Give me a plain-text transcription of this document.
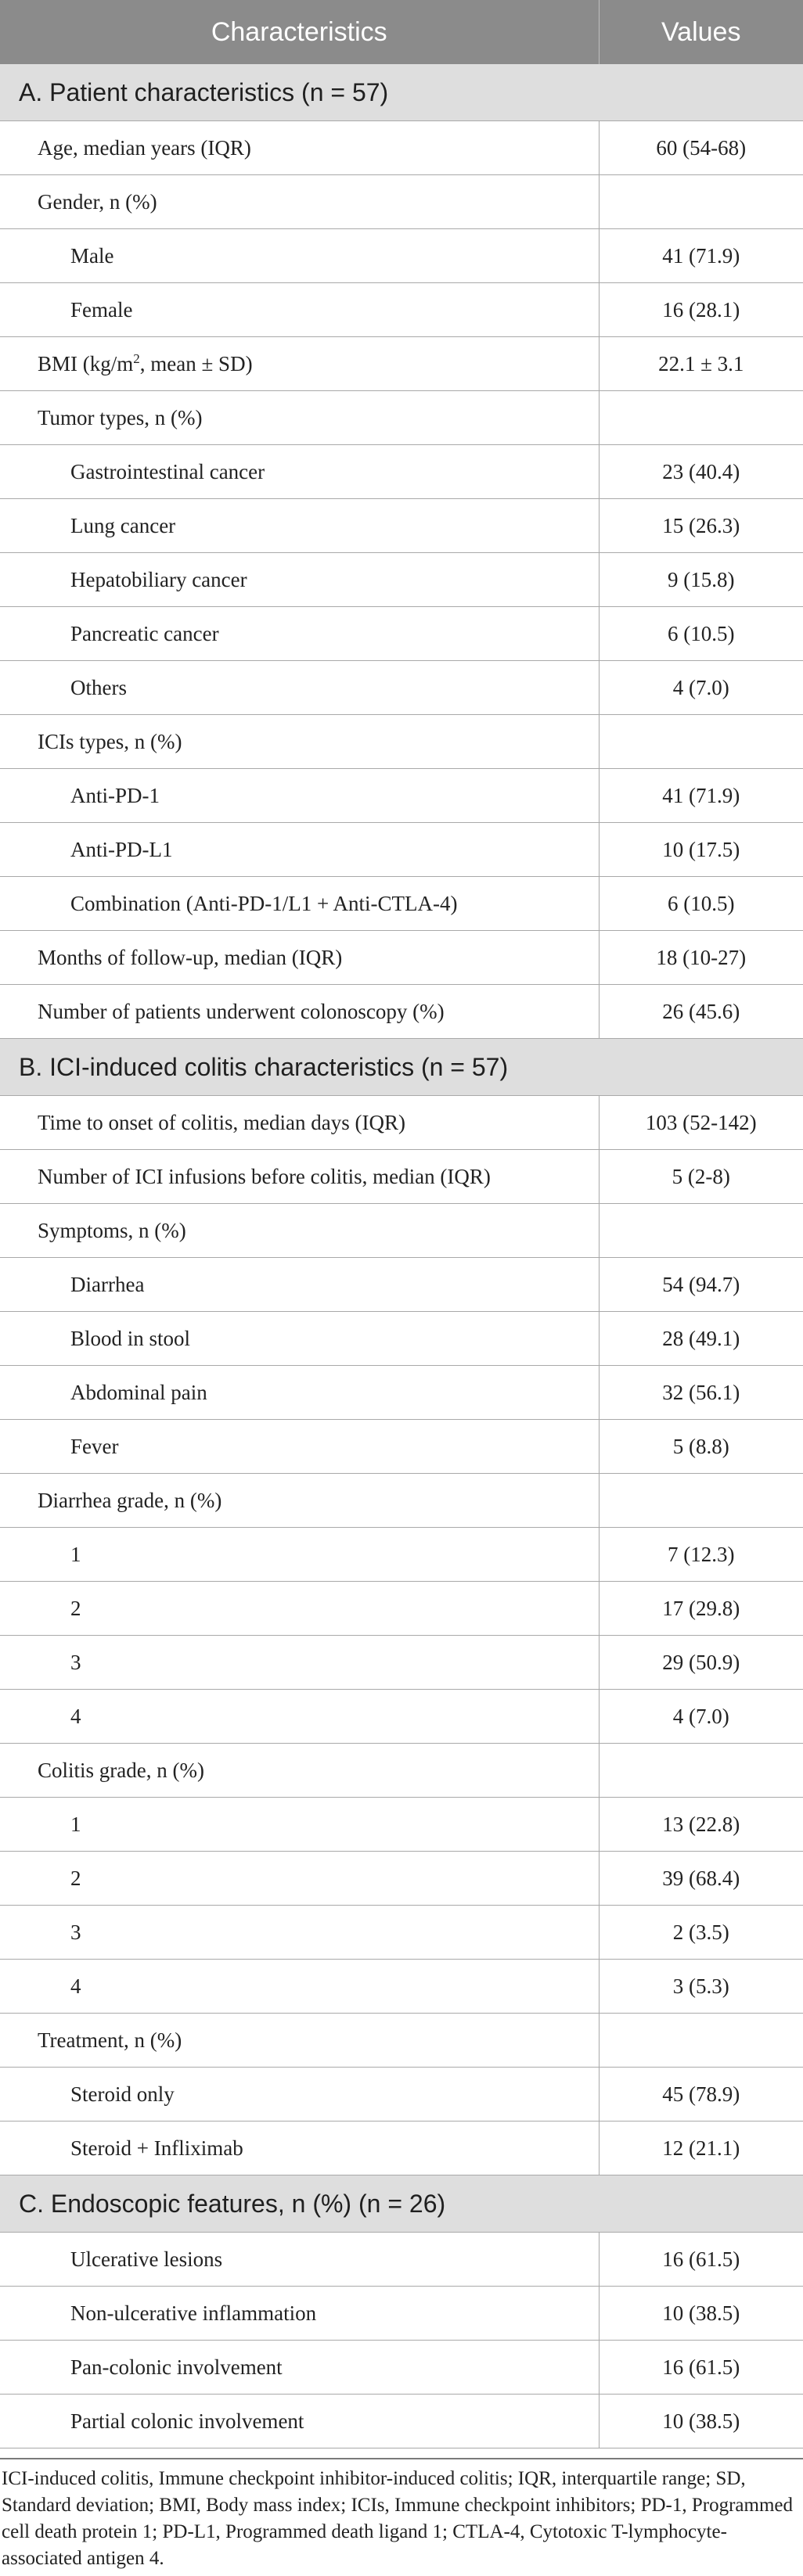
Characteristics	Values
A. Patient characteristics (n = 57)	
Age, median years (IQR)	60 (54-68)
Gender, n (%)	
Male	41 (71.9)
Female	16 (28.1)
BMI ($kg/m^2$, mean ± SD)	22.1 ± 3.1
Tumor types, n (%)	
Gastrointestinal cancer	23 (40.4)
Lung cancer	15 (26.3)
Hepatobiliary cancer	9 (15.8)
Pancreatic cancer	6 (10.5)
Others	4 (7.0)
ICIs types, n (%)	
Anti-PD-1	41 (71.9)
Anti-PD-L1	10 (17.5)
Combination (Anti-PD-1/L1 + Anti-CTLA-4)	6 (10.5)
Months of follow-up, median (IQR)	18 (10-27)
Number of patients underwent colonoscopy (%)	26 (45.6)
B. ICI-induced colitis characteristics (n = 57)	
Time to onset of colitis, median days (IQR)	103 (52-142)
Number of ICI infusions before colitis, median (IQR)	5 (2-8)
Symptoms, n (%)	
Diarrhea	54 (94.7)
Blood in stool	28 (49.1)
Abdominal pain	32 (56.1)
Fever	5 (8.8)
Diarrhea grade, n (%)	
1	7 (12.3)
2	17 (29.8)
3	29 (50.9)
4	4 (7.0)
Colitis grade, n (%)	
1	13 (22.8)
2	39 (68.4)
3	2 (3.5)
4	3 (5.3)
Treatment, n (%)	
Steroid only	45 (78.9)
Steroid + Infliximab	12 (21.1)
C. Endoscopic features, n (%) (n = 26)	
Ulcerative lesions	16 (61.5)
Non-ulcerative inflammation	10 (38.5)
Pan-colonic involvement	16 (61.5)
Partial colonic involvement	10 (38.5)

ICI-induced colitis, Immune checkpoint inhibitor-induced colitis; IQR, interquartile range; SD, Standard deviation; BMI, Body mass index; ICIs, Immune checkpoint inhibitors; PD-1, Programmed cell death protein 1; PD-L1, Programmed death ligand 1; CTLA-4, Cytotoxic T-lymphocyte-associated antigen 4.
